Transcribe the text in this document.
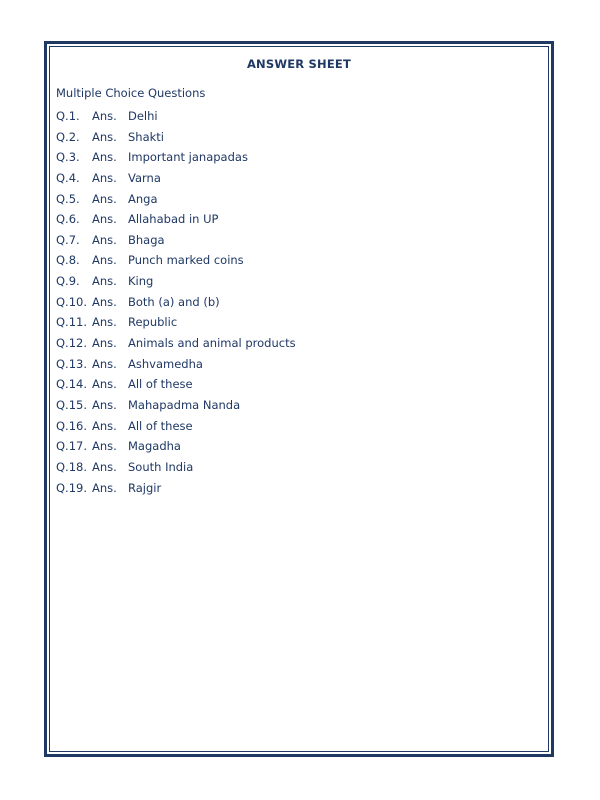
ANSWER SHEET
Multiple Choice Questions
Q.1. Ans. Delhi
Q.2. Ans. Shakti
Q.3. Ans. Important janapadas
Q.4. Ans. Varna
Q.5. Ans. Anga
Q.6. Ans. Allahabad in UP
Q.7. Ans. Bhaga
Q.8. Ans. Punch marked coins
Q.9. Ans. King
Q.10. Ans. Both (a) and (b)
Q.11. Ans. Republic
Q.12. Ans. Animals and animal products
Q.13. Ans. Ashvamedha
Q.14. Ans. All of these
Q.15. Ans. Mahapadma Nanda
Q.16. Ans. All of these
Q.17. Ans. Magadha
Q.18. Ans. South India
Q.19. Ans. Rajgir
